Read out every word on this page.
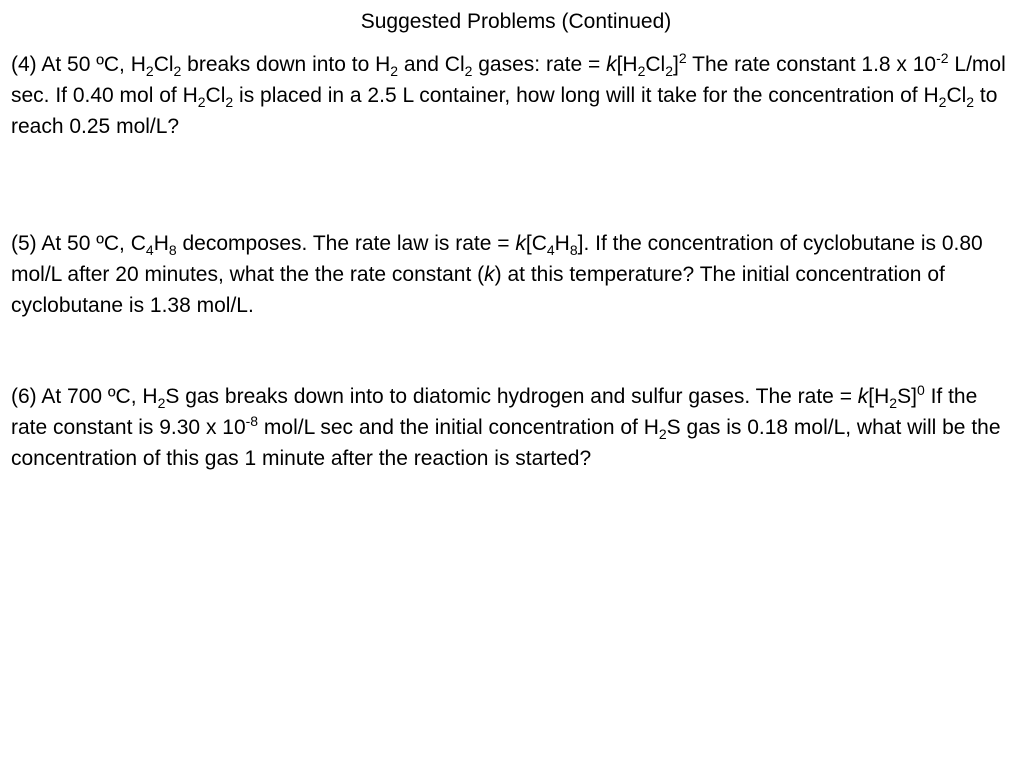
Suggested Problems (Continued)

(4) At 50 ºC, $H_2Cl_2$ breaks down into to $H_2$ and $Cl_2$ gases: rate = $k[H_2Cl_2]^2$ The rate constant 1.8 x $10^{-2}$ L/mol sec. If 0.40 mol of $H_2Cl_2$ is placed in a 2.5 L container, how long will it take for the concentration of $H_2Cl_2$ to reach 0.25 mol/L?

(5) At 50 ºC, $C_4H_8$ decomposes. The rate law is rate = $k[C_4H_8]$. If the concentration of cyclobutane is 0.80 mol/L after 20 minutes, what the the rate constant (k) at this temperature? The initial concentration of cyclobutane is 1.38 mol/L.

(6) At 700 ºC, $H_2S$ gas breaks down into to diatomic hydrogen and sulfur gases. The rate = $k[H_2S]^0$ If the rate constant is 9.30 x $10^{-8}$ mol/L sec and the initial concentration of $H_2S$ gas is 0.18 mol/L, what will be the concentration of this gas 1 minute after the reaction is started?
